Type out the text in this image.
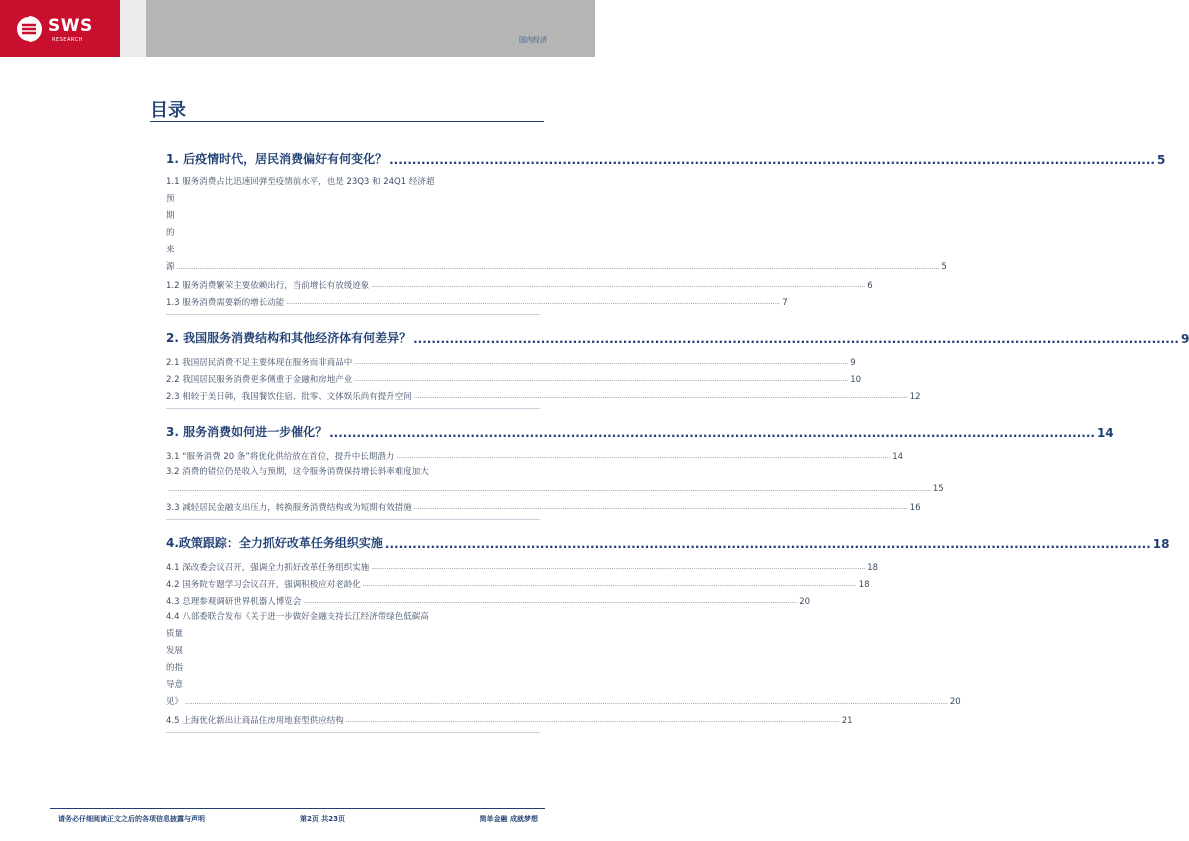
SWS
RESEARCH	国内经济
目录
1. 后疫情时代，居民消费偏好有何变化？ .....	5
1.1 服务消费占比迅速回弹至疫情前水平，也是 23Q3 和 24Q1 经济超
预期的来源 ................................................................................................................................................................................................................................................................................................................................................................................................................ 5
1.2 服务消费繁荣主要依赖出行，当前增长有放缓迹象 .....	6
1.3 服务消费需要新的增长动能 .....	7
2. 我国服务消费结构和其他经济体有何差异？ .....	9
2.1 我国居民消费不足主要体现在服务而非商品中 .....	9
2.2 我国居民服务消费更多侧重于金融和房地产业 .....	10
2.3 相较于美日韩，我国餐饮住宿、批零、文体娱乐尚有提升空间 .....	12
3. 服务消费如何进一步催化？ .....	14
3.1 “服务消费 20 条”将优化供给放在首位，提升中长期潜力 .....	14
3.2 消费的错位仍是收入与预期，这令服务消费保持增长斜率难度加大
................................................................................................................................................................................................................................................................................................................................................................................................................ 15
3.3 减轻居民金融支出压力，转换服务消费结构或为短期有效措施 .....	16
4.政策跟踪：全力抓好改革任务组织实施 .....	18
4.1 深改委会议召开，强调全力抓好改革任务组织实施 .....	18
4.2 国务院专题学习会议召开，强调积极应对老龄化 .....	18
4.3 总理参观调研世界机器人博览会 .....	20
4.4 八部委联合发布《关于进一步做好金融支持长江经济带绿色低碳高
质量发展的指导意见》 ................................................................................................................................................................................................................................................................................................................................................................................................................ 20
4.5 上海优化新出让商品住房用地套型供应结构 .....	21
请务必仔细阅读正文之后的各项信息披露与声明	第2页 共23页	简单金融 成就梦想
